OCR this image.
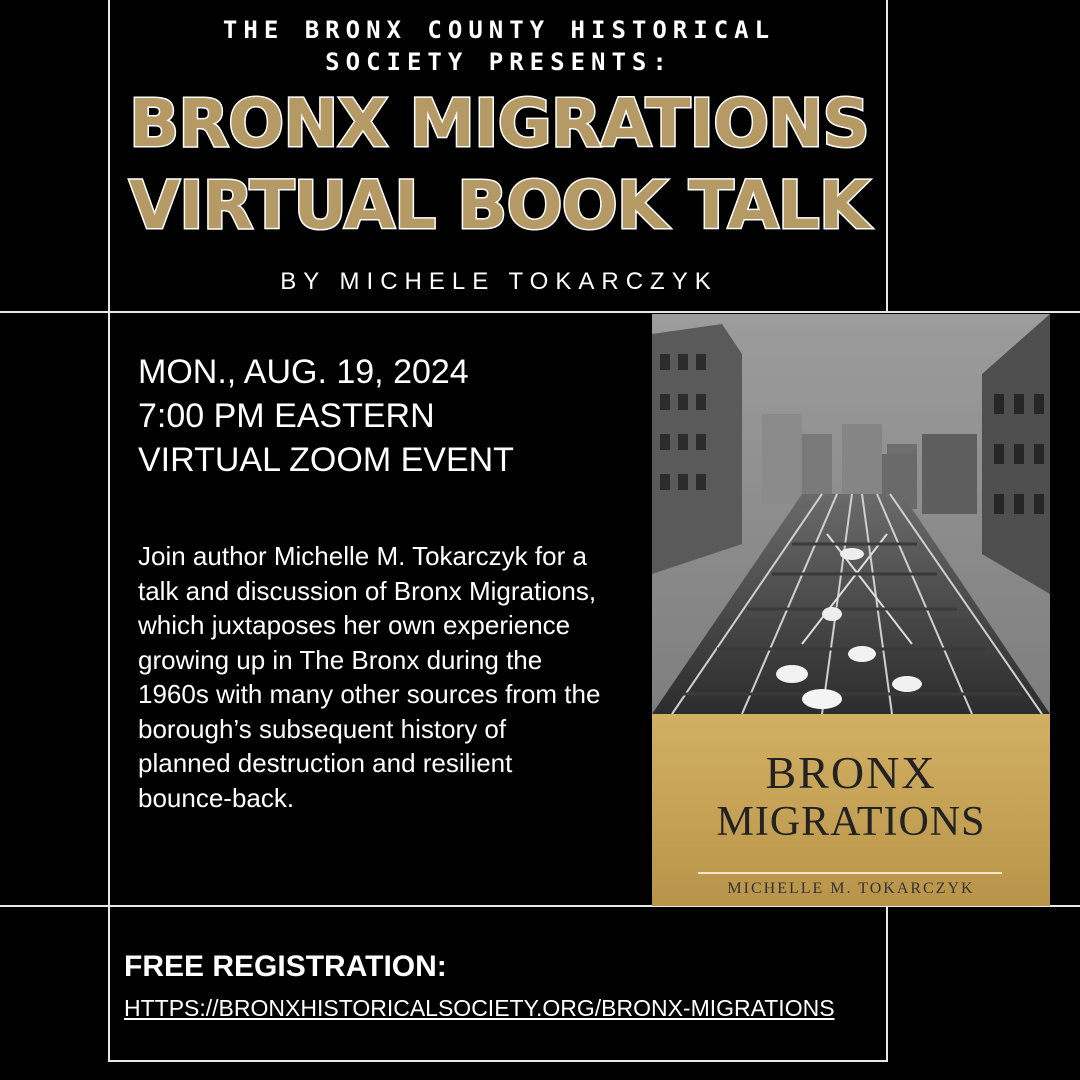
THE BRONX COUNTY HISTORICAL
SOCIETY PRESENTS:
BRONX MIGRATIONS
VIRTUAL BOOK TALK
BY MICHELE TOKARCZYK
MON., AUG. 19, 2024
7:00 PM EASTERN
VIRTUAL ZOOM EVENT
Join author Michelle M. Tokarczyk for a talk and discussion of Bronx Migrations, which juxtaposes her own experience growing up in The Bronx during the 1960s with many other sources from the borough’s subsequent history of planned destruction and resilient bounce-back.	BRONX
MIGRATIONS
MICHELLE M. TOKARCZYK
FREE REGISTRATION:
HTTPS://BRONXHISTORICALSOCIETY.ORG/BRONX-MIGRATIONS
